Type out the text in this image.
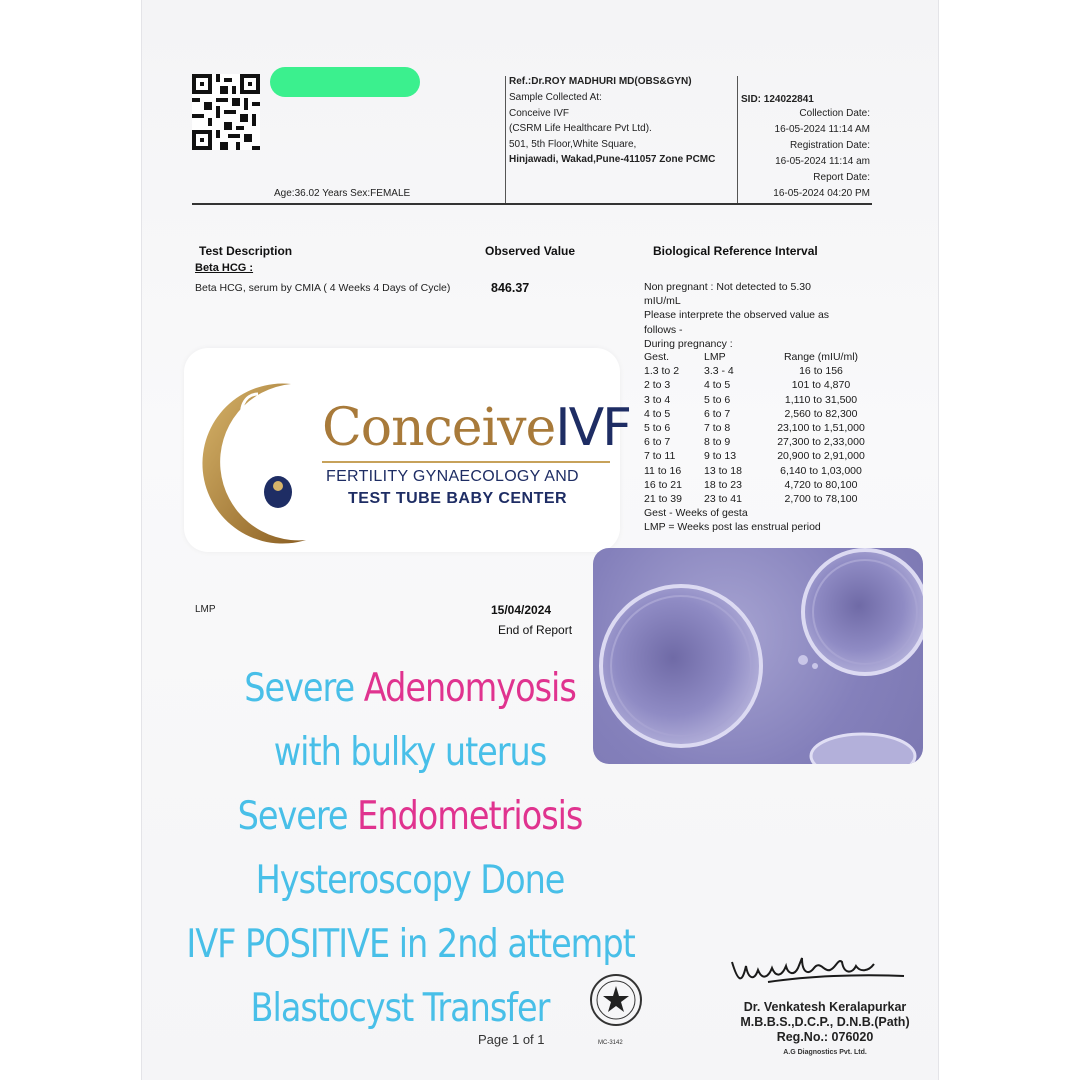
Age:36.02 Years Sex:FEMALE
Ref.:Dr.ROY MADHURI MD(OBS&GYN)
Sample Collected At:
Conceive IVF
(CSRM Life Healthcare Pvt Ltd).
501, 5th Floor,White Square,
Hinjawadi, Wakad,Pune-411057 Zone PCMC
SID: 124022841
Collection Date:
16-05-2024 11:14 AM
Registration Date:
16-05-2024 11:14 am
Report Date:
16-05-2024 04:20 PM
Test Description	Observed Value	Biological Reference Interval
Beta HCG :
Beta HCG, serum by CMIA ( 4 Weeks 4 Days of Cycle)	846.37	Non pregnant : Not detected to 5.30
mIU/mL
Please interprete the observed value as
follows -
During pregnancy :
Gest.	LMP	Range (mIU/ml)
1.3 to 2	3.3 - 4	16 to 156
2 to 3	4 to 5	101 to 4,870
3 to 4	5 to 6	1,110 to 31,500
4 to 5	6 to 7	2,560 to 82,300
5 to 6	7 to 8	23,100 to 1,51,000
6 to 7	8 to 9	27,300 to 2,33,000
7 to 11	9 to 13	20,900 to 2,91,000
11 to 16	13 to 18	6,140 to 1,03,000
16 to 21	18 to 23	4,720 to 80,100
21 to 39	23 to 41	2,700 to 78,100
Gest - Weeks of gesta
LMP = Weeks post las enstrual period
ConceiveIVF
FERTILITY GYNAECOLOGY AND
TEST TUBE BABY CENTER
LMP	15/04/2024
End of Report
Severe Adenomyosis
with bulky uterus
Severe Endometriosis
Hysteroscopy Done
IVF POSITIVE in 2nd attempt
Blastocyst Transfer
Page 1 of 1	MC-3142
Dr. Venkatesh Keralapurkar
M.B.B.S.,D.C.P., D.N.B.(Path)
Reg.No.: 076020
A.G Diagnostics Pvt. Ltd.
